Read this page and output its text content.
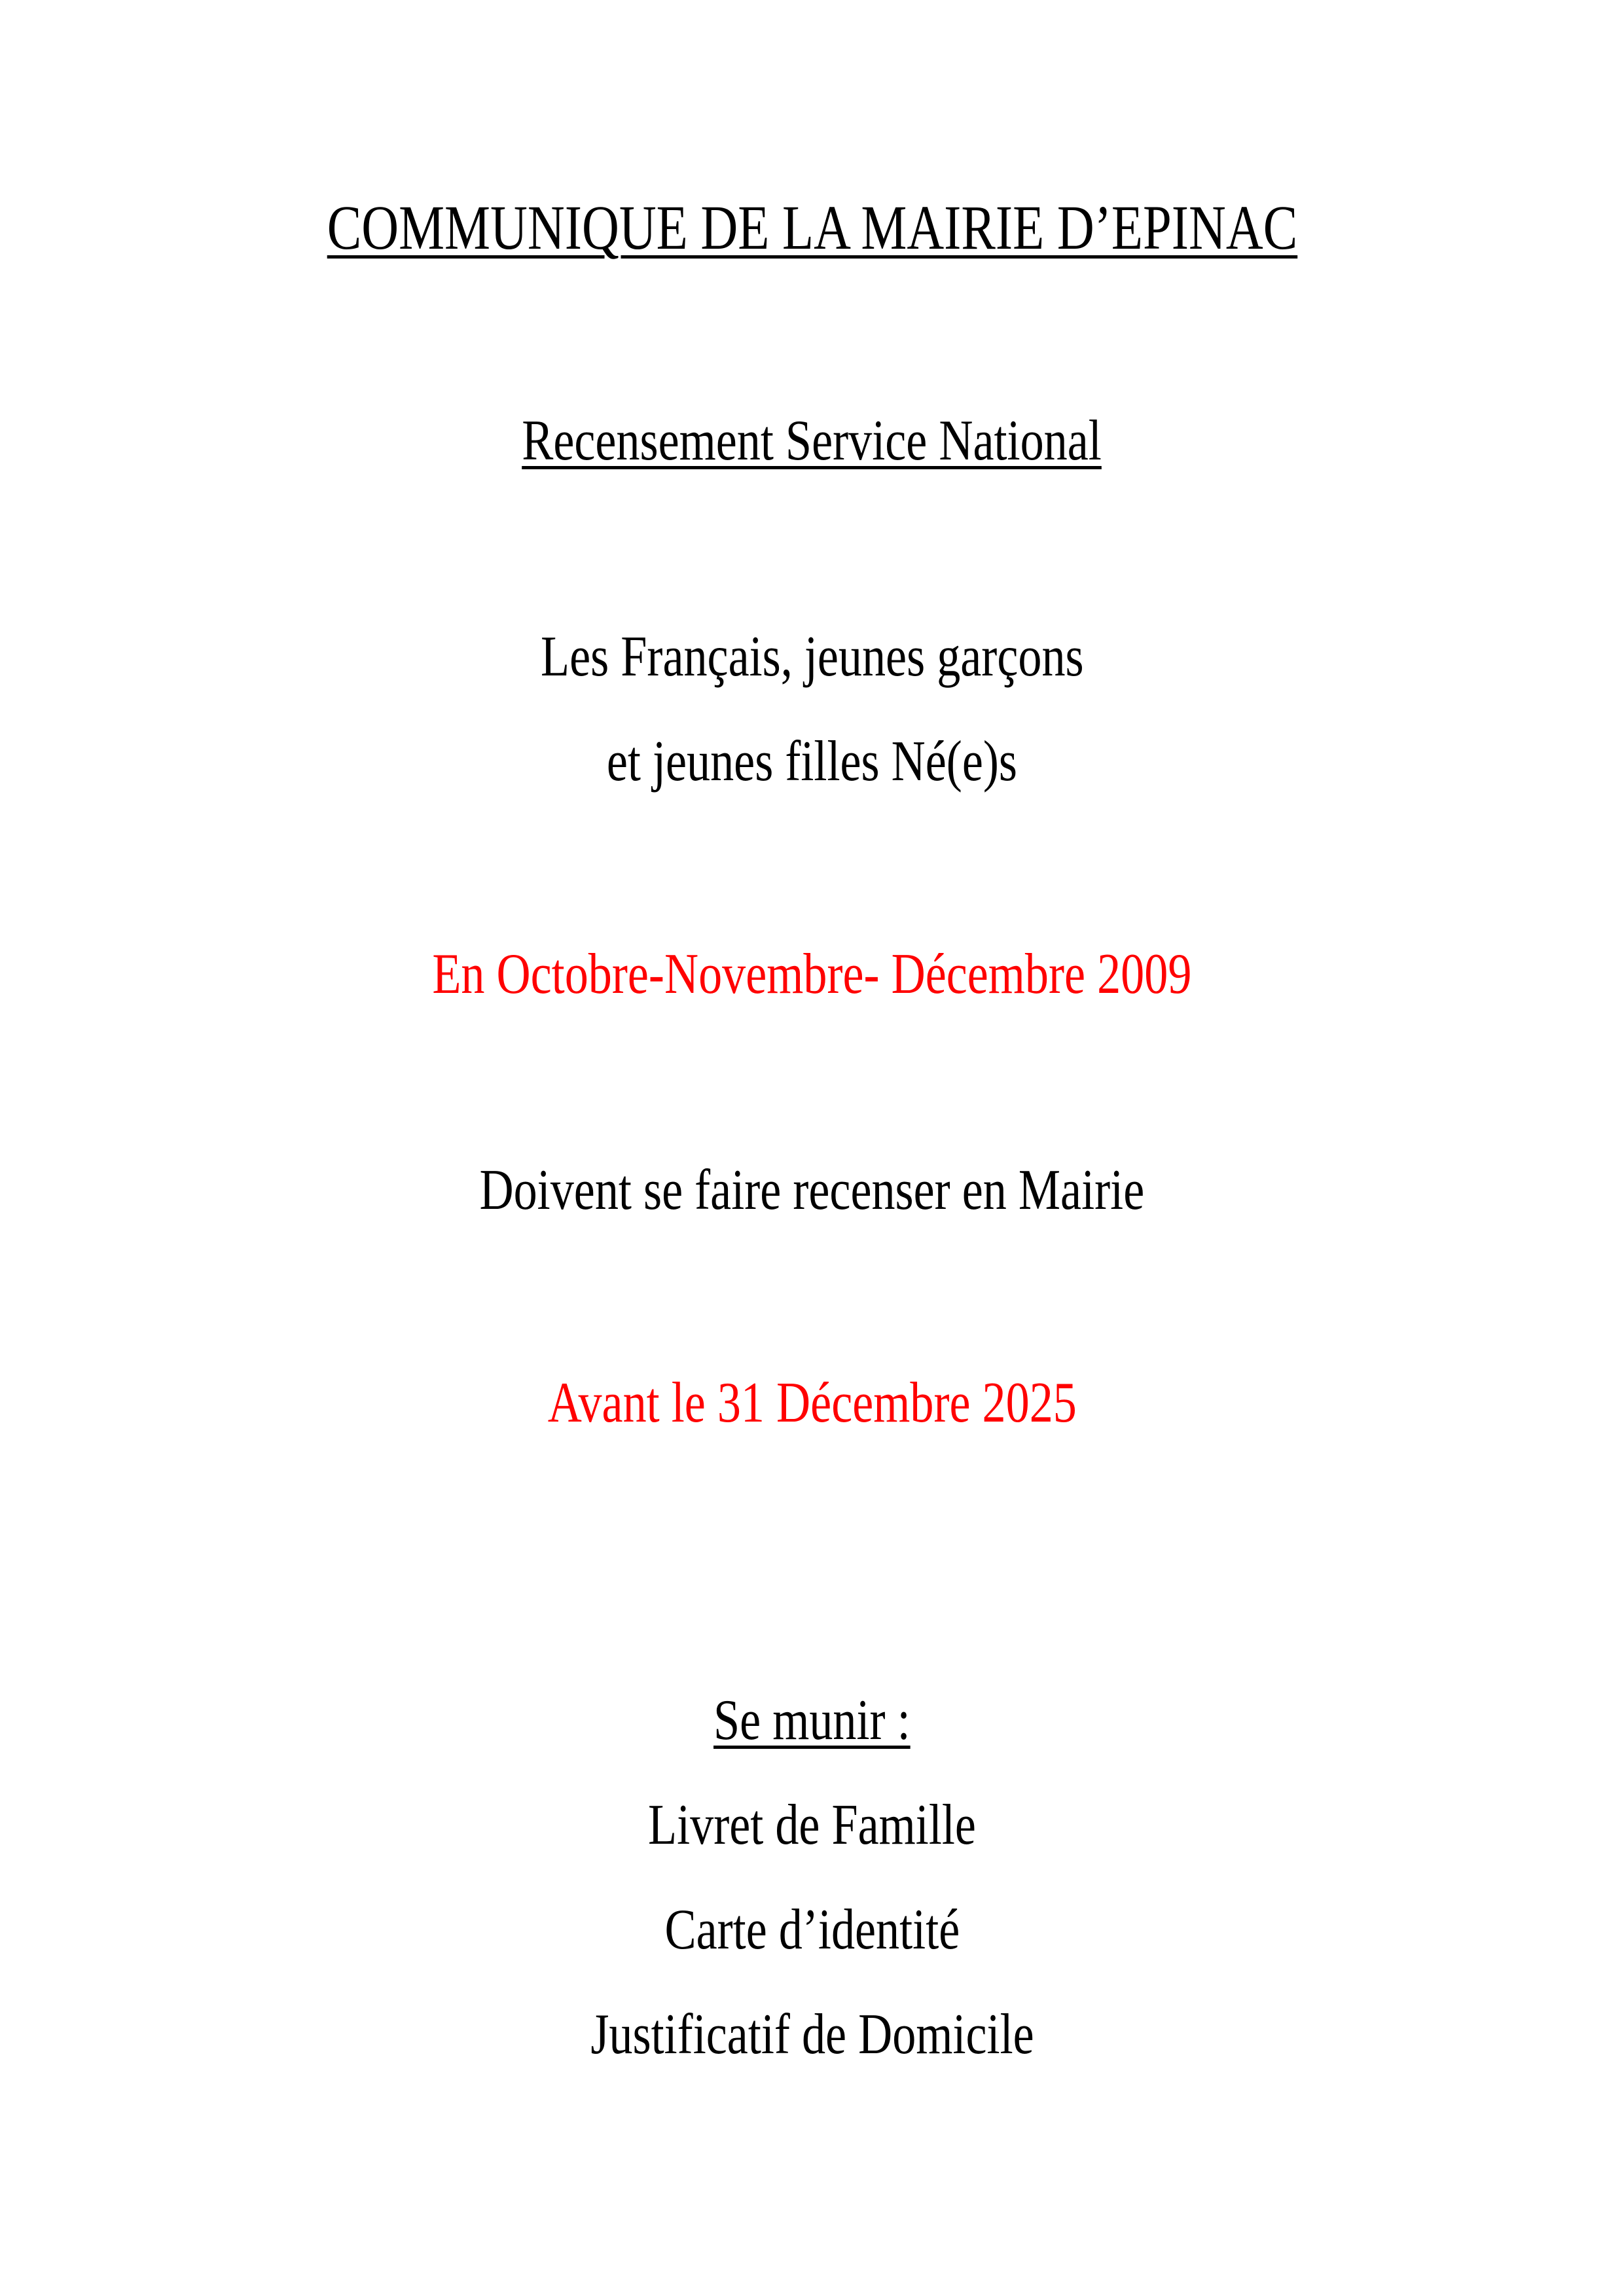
COMMUNIQUE DE LA MAIRIE D’EPINAC
Recensement Service National
Les Français, jeunes garçons
et jeunes filles Né(e)s
En Octobre-Novembre- Décembre 2009
Doivent se faire recenser en Mairie
Avant le 31 Décembre 2025
Se munir :
Livret de Famille
Carte d’identité
Justificatif de Domicile
